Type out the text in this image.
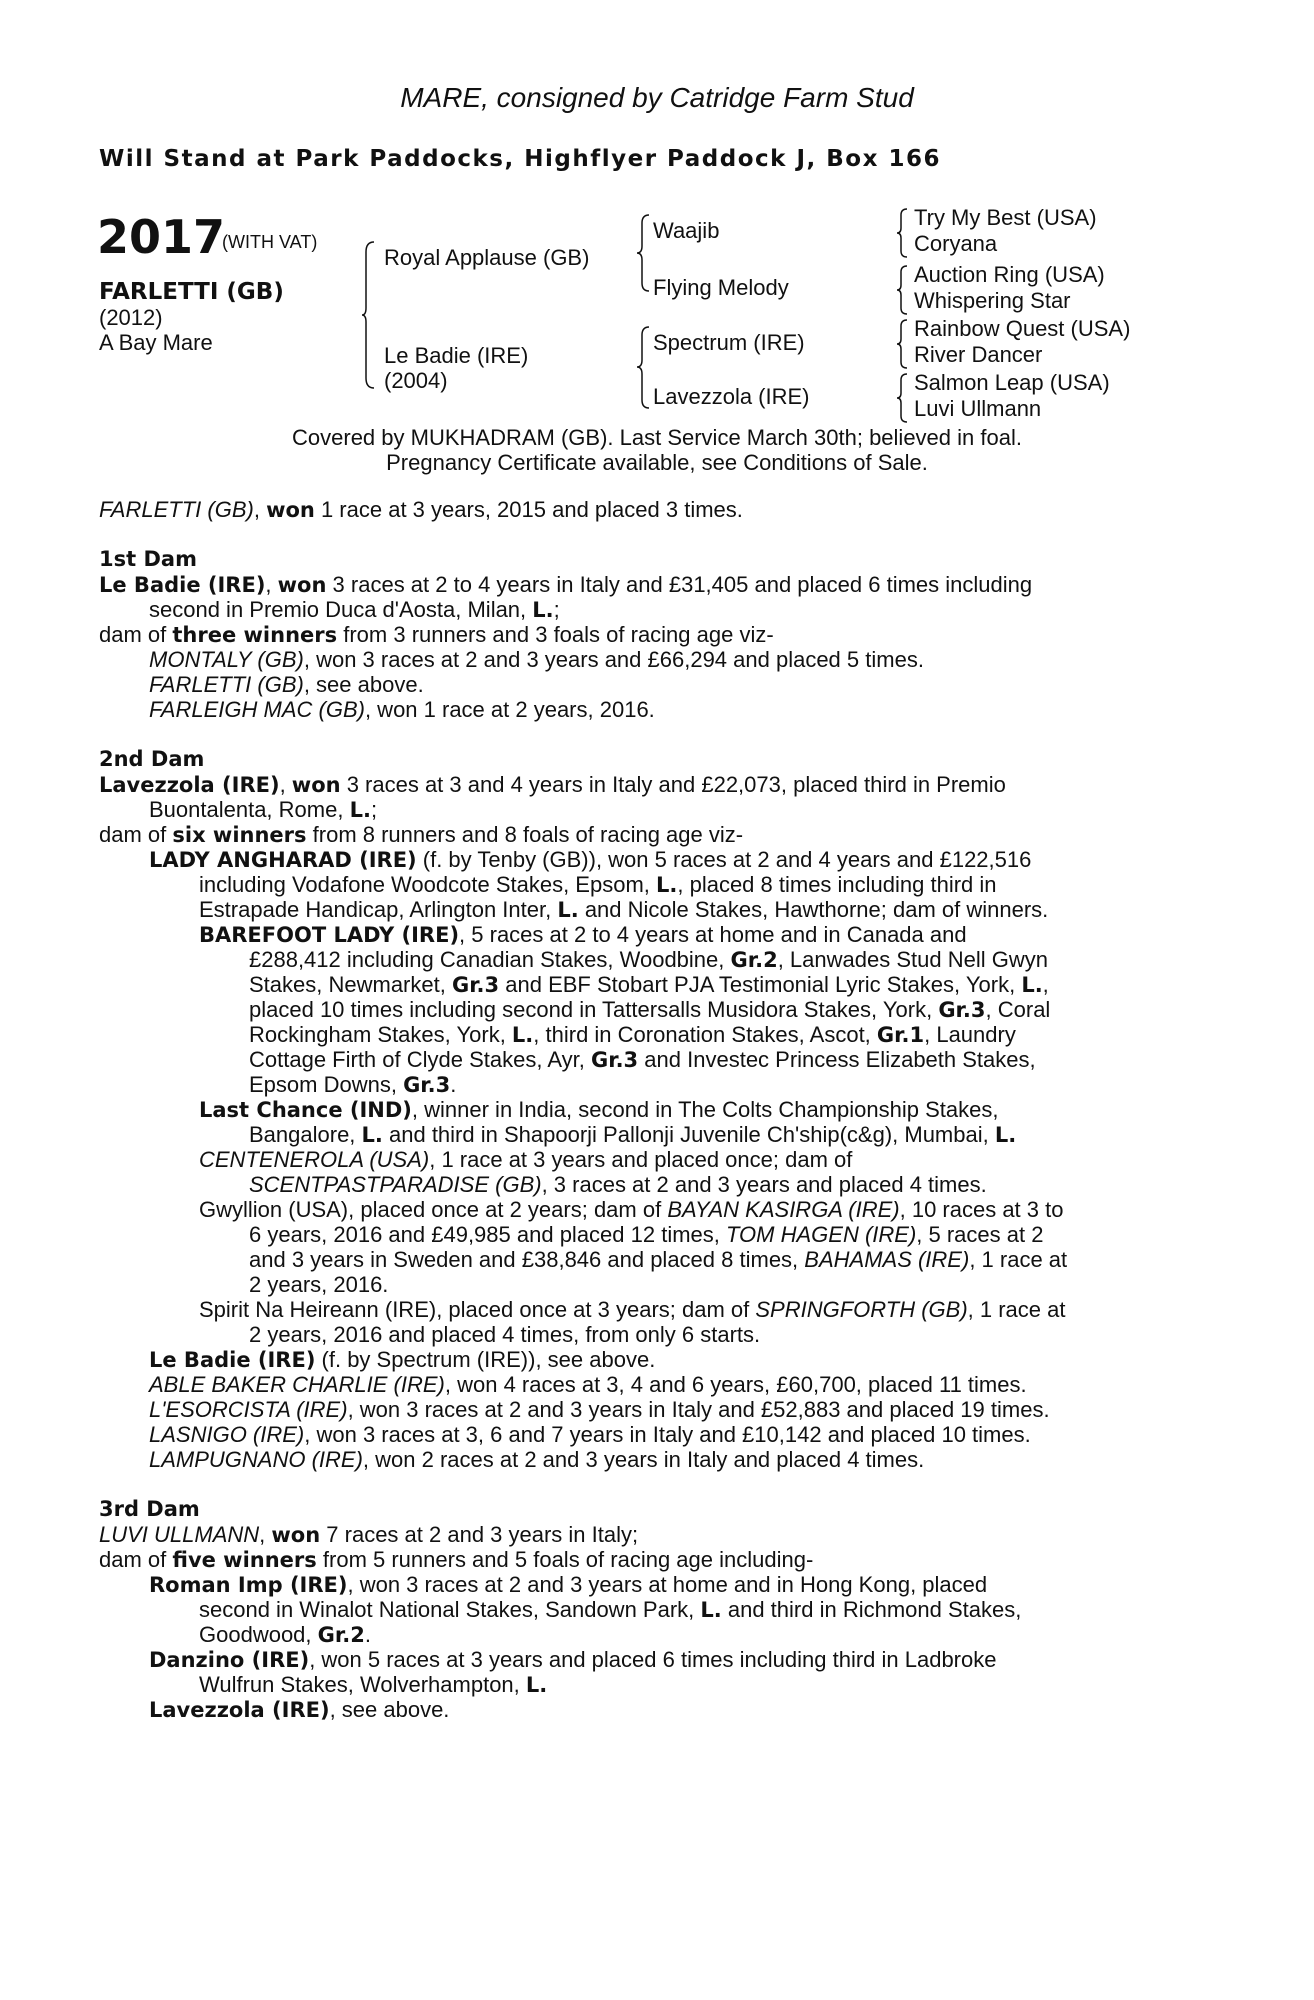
MARE, consigned by Catridge Farm Stud
Will Stand at Park Paddocks, Highflyer Paddock J, Box 166
2017
(WITH VAT)
FARLETTI (GB)
(2012)
A Bay Mare
Royal Applause (GB)
Le Badie (IRE)
(2004)
Waajib
Flying Melody
Spectrum (IRE)
Lavezzola (IRE)
Try My Best (USA)
Coryana
Auction Ring (USA)
Whispering Star
Rainbow Quest (USA)
River Dancer
Salmon Leap (USA)
Luvi Ullmann
Covered by MUKHADRAM (GB). Last Service March 30th; believed in foal.
Pregnancy Certificate available, see Conditions of Sale.
FARLETTI (GB), won 1 race at 3 years, 2015 and placed 3 times.
1st Dam
Le Badie (IRE), won 3 races at 2 to 4 years in Italy and £31,405 and placed 6 times including
second in Premio Duca d'Aosta, Milan, L.;
dam of three winners from 3 runners and 3 foals of racing age viz-
MONTALY (GB), won 3 races at 2 and 3 years and £66,294 and placed 5 times.
FARLETTI (GB), see above.
FARLEIGH MAC (GB), won 1 race at 2 years, 2016.
2nd Dam
Lavezzola (IRE), won 3 races at 3 and 4 years in Italy and £22,073, placed third in Premio
Buontalenta, Rome, L.;
dam of six winners from 8 runners and 8 foals of racing age viz-
LADY ANGHARAD (IRE) (f. by Tenby (GB)), won 5 races at 2 and 4 years and £122,516
including Vodafone Woodcote Stakes, Epsom, L., placed 8 times including third in
Estrapade Handicap, Arlington Inter, L. and Nicole Stakes, Hawthorne; dam of winners.
BAREFOOT LADY (IRE), 5 races at 2 to 4 years at home and in Canada and
£288,412 including Canadian Stakes, Woodbine, Gr.2, Lanwades Stud Nell Gwyn
Stakes, Newmarket, Gr.3 and EBF Stobart PJA Testimonial Lyric Stakes, York, L.,
placed 10 times including second in Tattersalls Musidora Stakes, York, Gr.3, Coral
Rockingham Stakes, York, L., third in Coronation Stakes, Ascot, Gr.1, Laundry
Cottage Firth of Clyde Stakes, Ayr, Gr.3 and Investec Princess Elizabeth Stakes,
Epsom Downs, Gr.3.
Last Chance (IND), winner in India, second in The Colts Championship Stakes,
Bangalore, L. and third in Shapoorji Pallonji Juvenile Ch'ship(c&g), Mumbai, L.
CENTENEROLA (USA), 1 race at 3 years and placed once; dam of
SCENTPASTPARADISE (GB), 3 races at 2 and 3 years and placed 4 times.
Gwyllion (USA), placed once at 2 years; dam of BAYAN KASIRGA (IRE), 10 races at 3 to
6 years, 2016 and £49,985 and placed 12 times, TOM HAGEN (IRE), 5 races at 2
and 3 years in Sweden and £38,846 and placed 8 times, BAHAMAS (IRE), 1 race at
2 years, 2016.
Spirit Na Heireann (IRE), placed once at 3 years; dam of SPRINGFORTH (GB), 1 race at
2 years, 2016 and placed 4 times, from only 6 starts.
Le Badie (IRE) (f. by Spectrum (IRE)), see above.
ABLE BAKER CHARLIE (IRE), won 4 races at 3, 4 and 6 years, £60,700, placed 11 times.
L'ESORCISTA (IRE), won 3 races at 2 and 3 years in Italy and £52,883 and placed 19 times.
LASNIGO (IRE), won 3 races at 3, 6 and 7 years in Italy and £10,142 and placed 10 times.
LAMPUGNANO (IRE), won 2 races at 2 and 3 years in Italy and placed 4 times.
3rd Dam
LUVI ULLMANN, won 7 races at 2 and 3 years in Italy;
dam of five winners from 5 runners and 5 foals of racing age including-
Roman Imp (IRE), won 3 races at 2 and 3 years at home and in Hong Kong, placed
second in Winalot National Stakes, Sandown Park, L. and third in Richmond Stakes,
Goodwood, Gr.2.
Danzino (IRE), won 5 races at 3 years and placed 6 times including third in Ladbroke
Wulfrun Stakes, Wolverhampton, L.
Lavezzola (IRE), see above.
